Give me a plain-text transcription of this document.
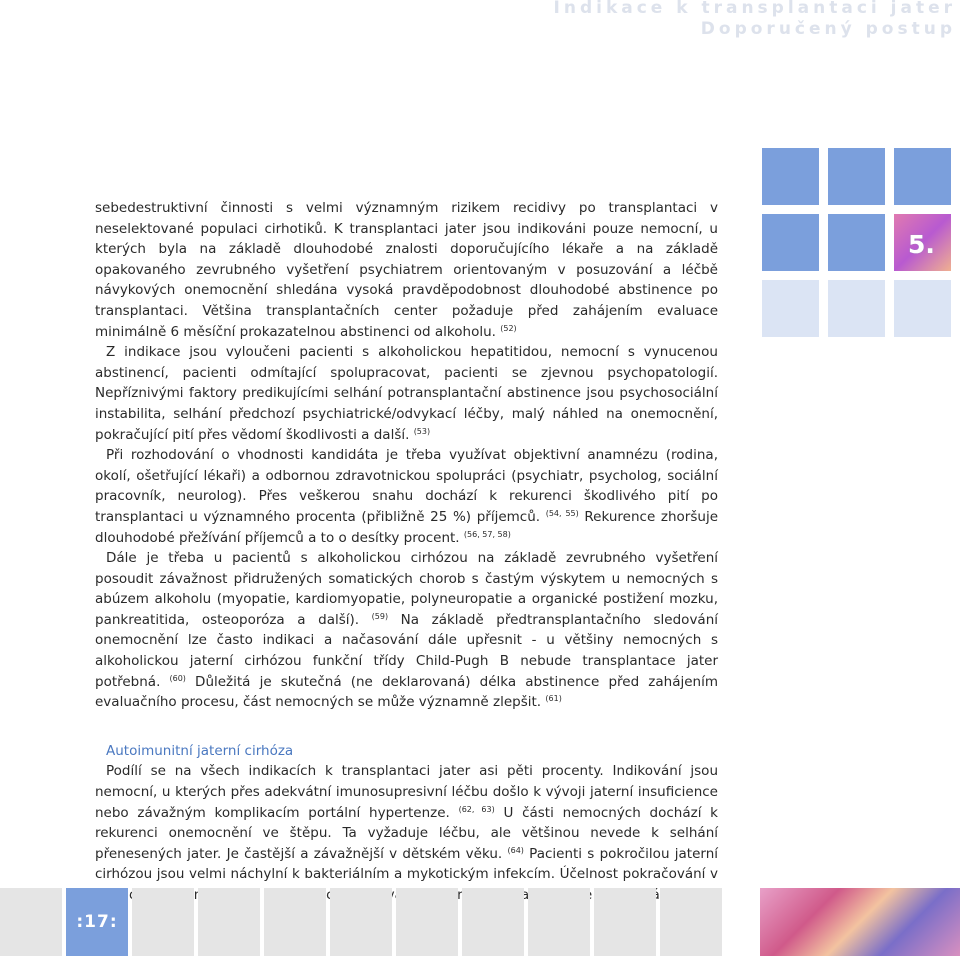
Indikace k transplantaci jater
Doporučený postup
5.

sebedestruktivní činnosti s velmi významným rizikem recidivy po transplantaci v neselektované populaci cirhotiků. K transplantaci jater jsou indikováni pouze nemocní, u kterých byla na základě dlouhodobé znalosti doporučujícího lékaře a na základě opakovaného zevrubného vyšetření psychiatrem orientovaným v posuzování a léčbě návykových onemocnění shledána vysoká pravděpodobnost dlouhodobé abstinence po transplantaci. Většina transplantačních center požaduje před zahájením evaluace minimálně 6 měsíční prokazatelnou abstinenci od alkoholu. $^{(52)}$

Z indikace jsou vyloučeni pacienti s alkoholickou hepatitidou, nemocní s vynucenou abstinencí, pacienti odmítající spolupracovat, pacienti se zjevnou psychopatologií. Nepříznivými faktory predikujícími selhání potransplantační abstinence jsou psychosociální instabilita, selhání předchozí psychiatrické/odvykací léčby, malý náhled na onemocnění, pokračující pití přes vědomí škodlivosti a další. $^{(53)}$

Při rozhodování o vhodnosti kandidáta je třeba využívat objektivní anamnézu (rodina, okolí, ošetřující lékaři) a odbornou zdravotnickou spolupráci (psychiatr, psycholog, sociální pracovník, neurolog). Přes veškerou snahu dochází k rekurenci škodlivého pití po transplantaci u významného procenta (přibližně 25 %) příjemců. $^{(54, 55)}$ Rekurence zhoršuje dlouhodobé přežívání příjemců a to o desítky procent. $^{(56, 57, 58)}$

Dále je třeba u pacientů s alkoholickou cirhózou na základě zevrubného vyšetření posoudit závažnost přidružených somatických chorob s častým výskytem u nemocných s abúzem alkoholu (myopatie, kardiomyopatie, polyneuropatie a organické postižení mozku, pankreatitida, osteoporóza a další). $^{(59)}$ Na základě předtransplantačního sledování onemocnění lze často indikaci a načasování dále upřesnit - u většiny nemocných s alkoholickou jaterní cirhózou funkční třídy Child-Pugh B nebude transplantace jater potřebná. $^{(60)}$ Důležitá je skutečná (ne deklarovaná) délka abstinence před zahájením evaluačního procesu, část nemocných se může významně zlepšit. $^{(61)}$

Autoimunitní jaterní cirhóza

Podílí se na všech indikacích k transplantaci jater asi pěti procenty. Indikování jsou nemocní, u kterých přes adekvátní imunosupresivní léčbu došlo k vývoji jaterní insuficience nebo závažným komplikacím portální hypertenze. $^{(62, 63)}$ U části nemocných dochází k rekurenci onemocnění ve štěpu. Ta vyžaduje léčbu, ale většinou nevede k selhání přenesených jater. Je častější a závažnější v dětském věku. $^{(64)}$ Pacienti s pokročilou jaterní cirhózou jsou velmi náchylní k bakteriálním a mykotickým infekcím. Účelnost pokračování v zvážit.

:17:
